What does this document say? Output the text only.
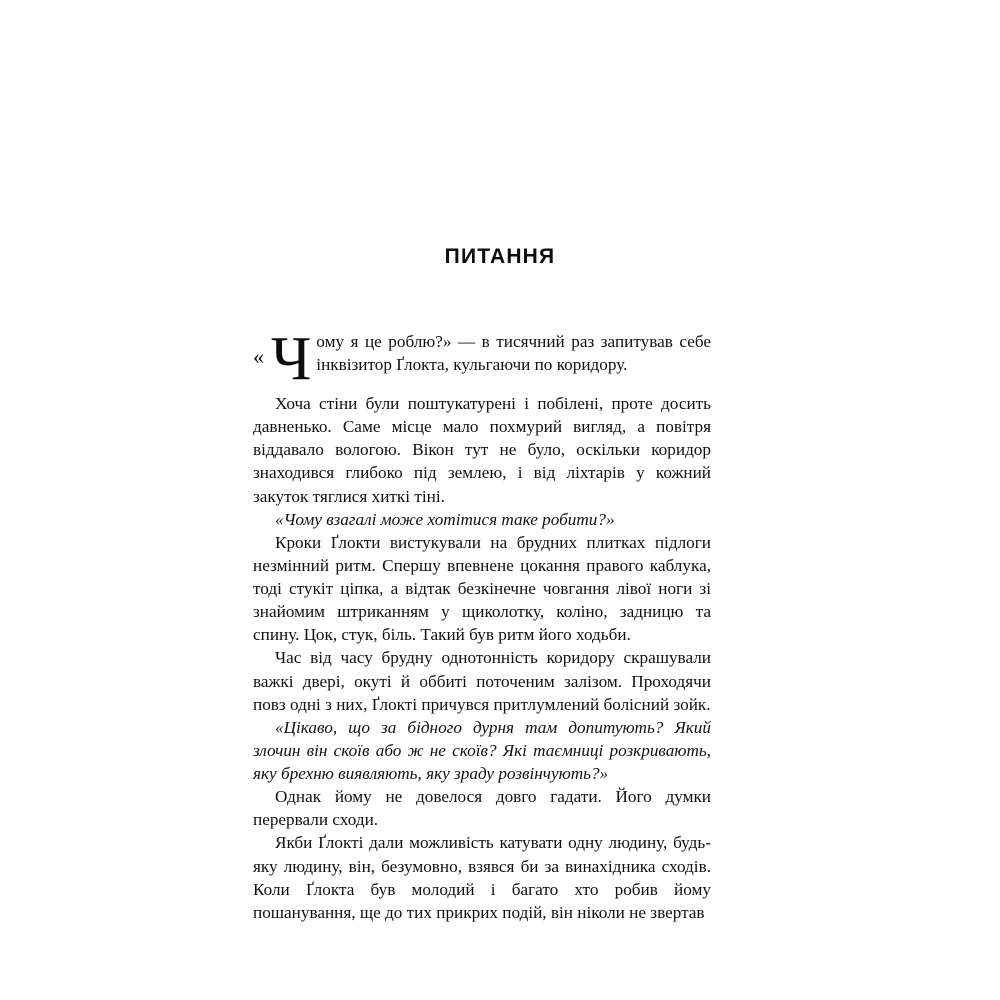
ПИТАННЯ

« Ч ому я це роблю?» — в тисячний раз запитував себе інквізитор Ґлокта, кульгаючи по коридору.

Хоча стіни були поштукатурені і побілені, проте досить давненько. Саме місце мало похмурий вигляд, а повітря віддавало вологою. Вікон тут не було, оскільки коридор знаходився глибоко під землею, і від ліхтарів у кожний закуток тяглися хиткі тіні.

«Чому взагалі може хотітися таке робити?»

Кроки Ґлокти вистукували на брудних плитках підлоги незмінний ритм. Спершу впевнене цокання правого каблука, тоді стукіт ціпка, а відтак безкінечне човгання лівої ноги зі знайомим штриканням у щиколотку, коліно, задницю та спину. Цок, стук, біль. Такий був ритм його ходьби.

Час від часу брудну однотонність коридору скрашували важкі двері, окуті й оббиті поточеним залізом. Проходячи повз одні з них, Ґлокті причувся притлумлений болісний зойк.

«Цікаво, що за бідного дурня там допитують? Який злочин він скоїв або ж не скоїв? Які таємниці розкривають, яку брехню виявляють, яку зраду розвінчують?»

Однак йому не довелося довго гадати. Його думки перервали сходи.

Якби Ґлокті дали можливість катувати одну людину, будь-яку людину, він, безумовно, взявся би за винахідника сходів. Коли Ґлокта був молодий і багато хто робив йому пошанування, ще до тих прикрих подій, він ніколи не звертав
